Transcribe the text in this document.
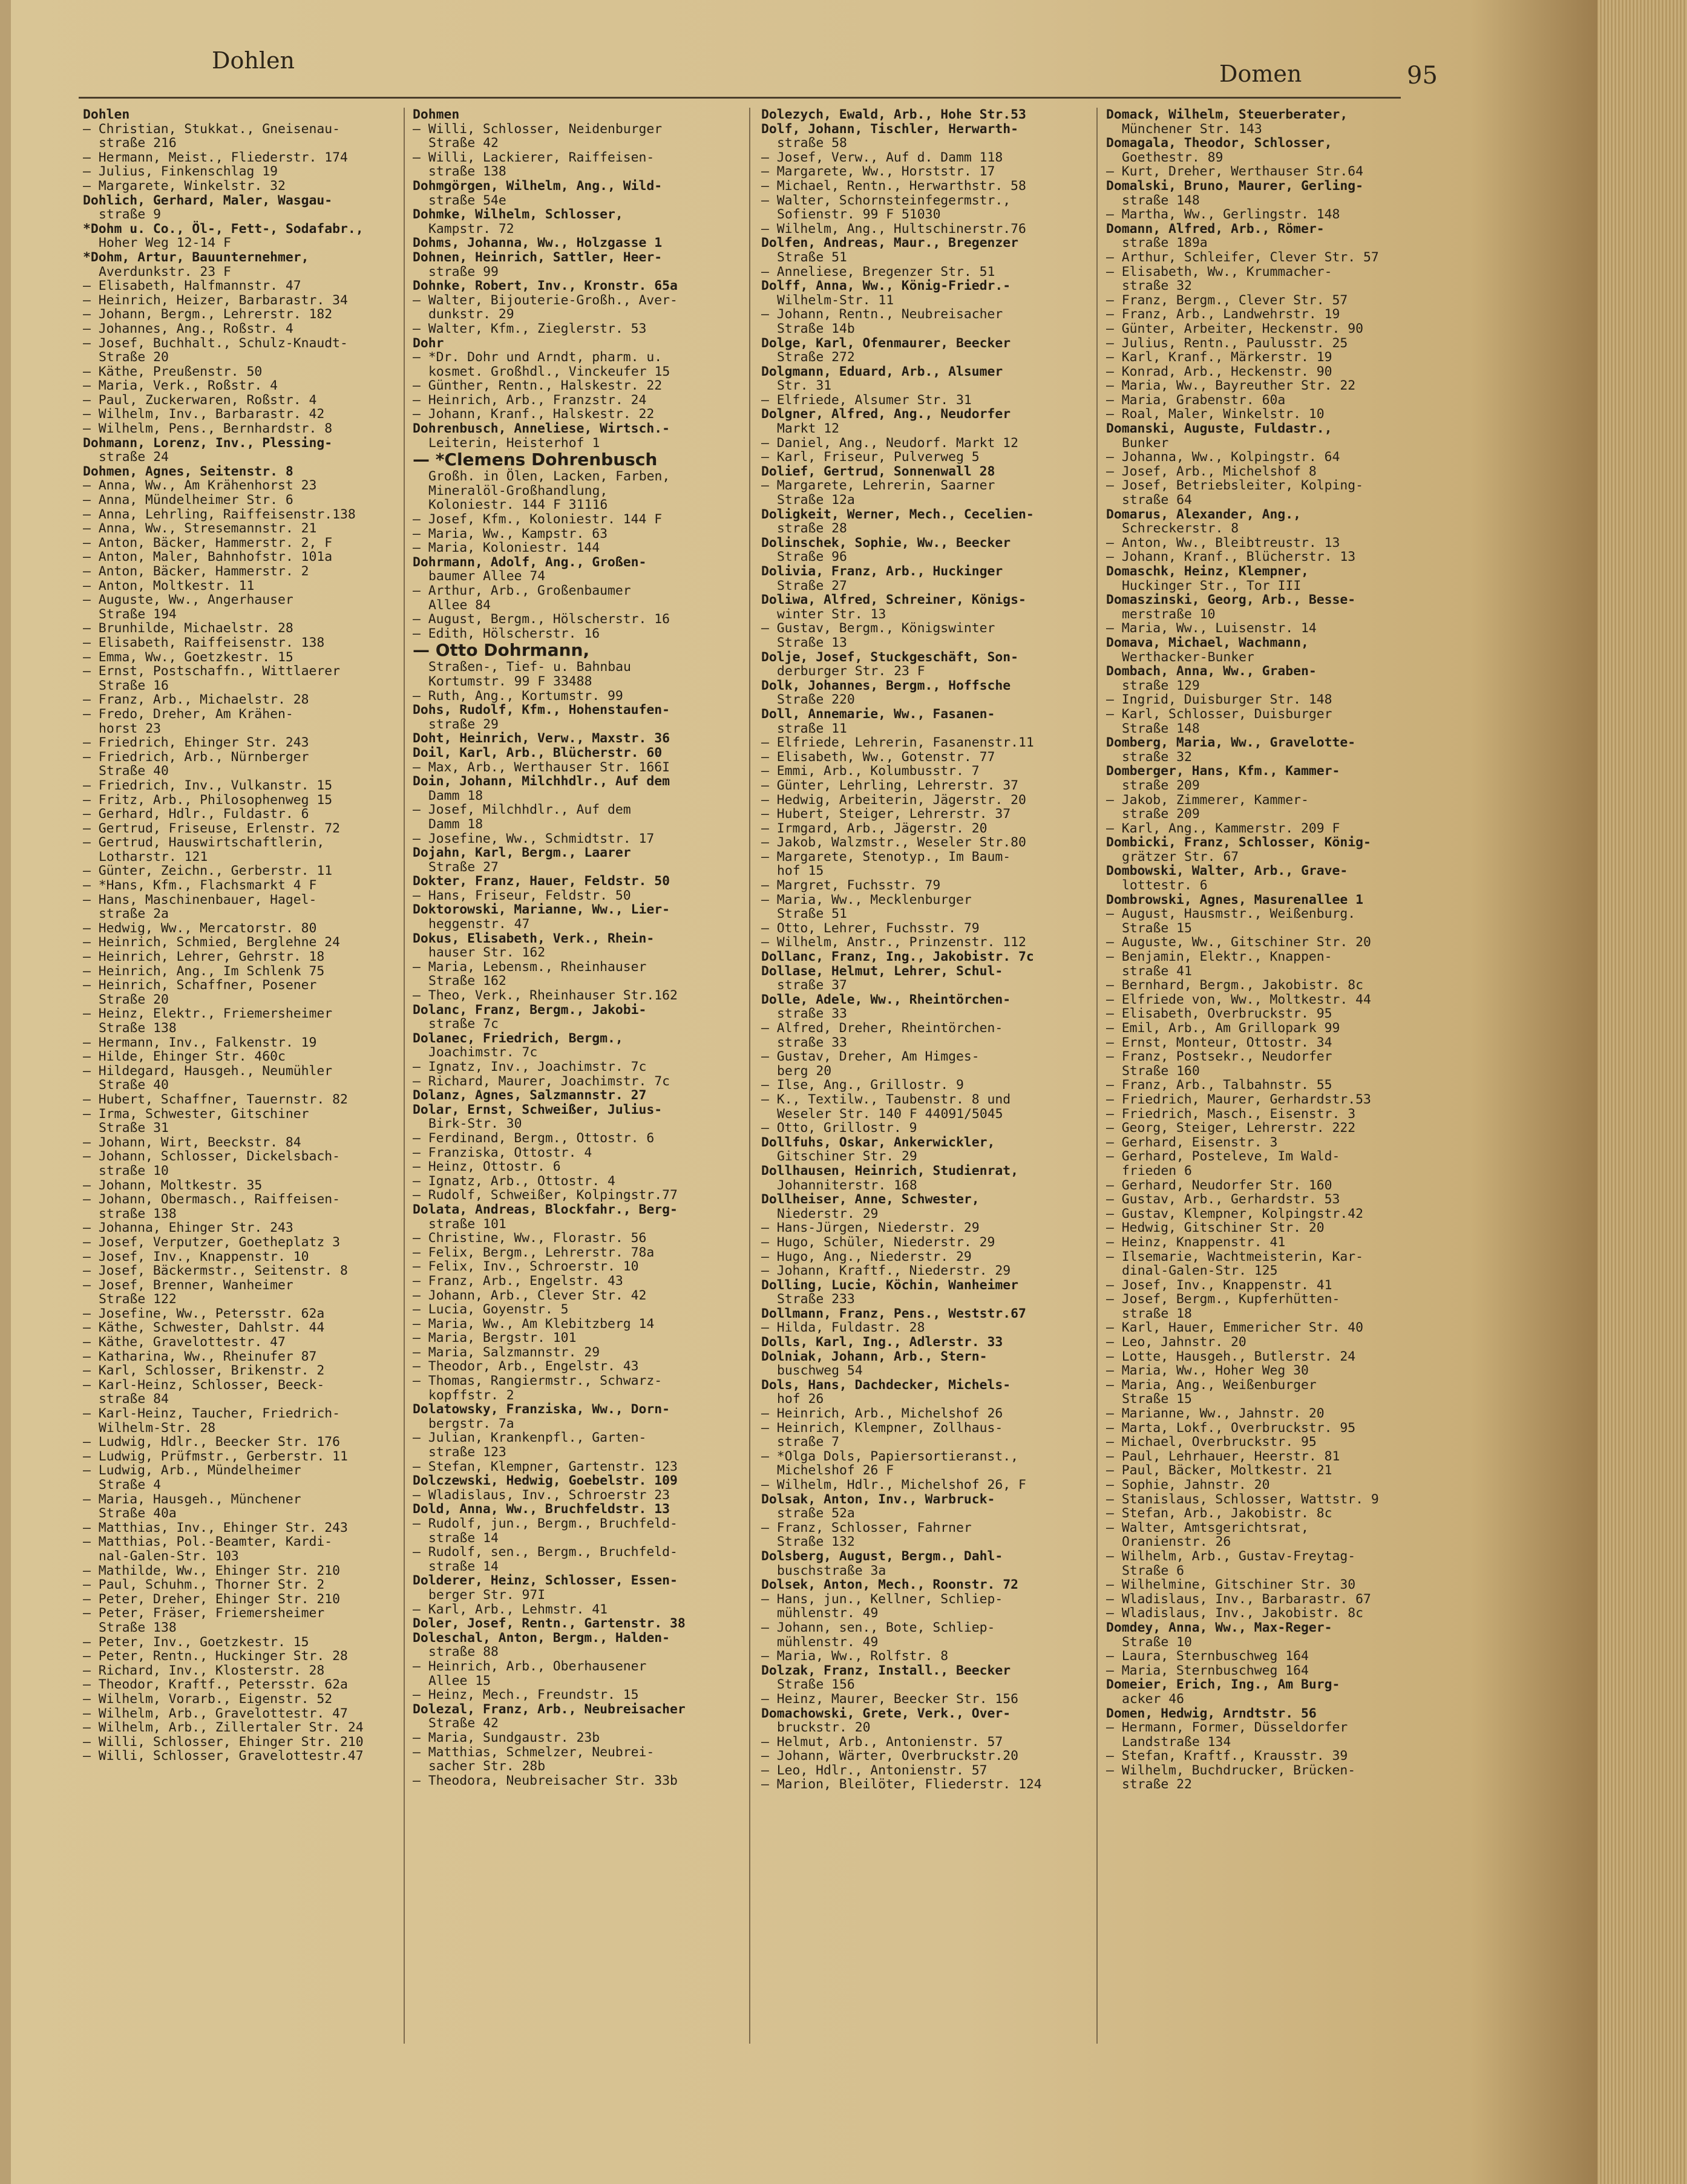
Dohlen	Domen	95
Dohlen
— Christian, Stukkat., Gneisenau-
straße 216
— Hermann, Meist., Fliederstr. 174
— Julius, Finkenschlag 19
— Margarete, Winkelstr. 32
Dohlich, Gerhard, Maler, Wasgau-
straße 9
*Dohm u. Co., Öl-, Fett-, Sodafabr.,
Hoher Weg 12-14 F
*Dohm, Artur, Bauunternehmer,
Averdunkstr. 23 F
— Elisabeth, Halfmannstr. 47
— Heinrich, Heizer, Barbarastr. 34
— Johann, Bergm., Lehrerstr. 182
— Johannes, Ang., Roßstr. 4
— Josef, Buchhalt., Schulz-Knaudt-
Straße 20
— Käthe, Preußenstr. 50
— Maria, Verk., Roßstr. 4
— Paul, Zuckerwaren, Roßstr. 4
— Wilhelm, Inv., Barbarastr. 42
— Wilhelm, Pens., Bernhardstr. 8
Dohmann, Lorenz, Inv., Plessing-
straße 24
Dohmen, Agnes, Seitenstr. 8
— Anna, Ww., Am Krähenhorst 23
— Anna, Mündelheimer Str. 6
— Anna, Lehrling, Raiffeisenstr.138
— Anna, Ww., Stresemannstr. 21
— Anton, Bäcker, Hammerstr. 2, F
— Anton, Maler, Bahnhofstr. 101a
— Anton, Bäcker, Hammerstr. 2
— Anton, Moltkestr. 11
— Auguste, Ww., Angerhauser
Straße 194
— Brunhilde, Michaelstr. 28
— Elisabeth, Raiffeisenstr. 138
— Emma, Ww., Goetzkestr. 15
— Ernst, Postschaffn., Wittlaerer
Straße 16
— Franz, Arb., Michaelstr. 28
— Fredo, Dreher, Am Krähen-
horst 23
— Friedrich, Ehinger Str. 243
— Friedrich, Arb., Nürnberger
Straße 40
— Friedrich, Inv., Vulkanstr. 15
— Fritz, Arb., Philosophenweg 15
— Gerhard, Hdlr., Fuldastr. 6
— Gertrud, Friseuse, Erlenstr. 72
— Gertrud, Hauswirtschaftlerin,
Lotharstr. 121
— Günter, Zeichn., Gerberstr. 11
— *Hans, Kfm., Flachsmarkt 4 F
— Hans, Maschinenbauer, Hagel-
straße 2a
— Hedwig, Ww., Mercatorstr. 80
— Heinrich, Schmied, Berglehne 24
— Heinrich, Lehrer, Gehrstr. 18
— Heinrich, Ang., Im Schlenk 75
— Heinrich, Schaffner, Posener
Straße 20
— Heinz, Elektr., Friemersheimer
Straße 138
— Hermann, Inv., Falkenstr. 19
— Hilde, Ehinger Str. 460c
— Hildegard, Hausgeh., Neumühler
Straße 40
— Hubert, Schaffner, Tauernstr. 82
— Irma, Schwester, Gitschiner
Straße 31
— Johann, Wirt, Beeckstr. 84
— Johann, Schlosser, Dickelsbach-
straße 10
— Johann, Moltkestr. 35
— Johann, Obermasch., Raiffeisen-
straße 138
— Johanna, Ehinger Str. 243
— Josef, Verputzer, Goetheplatz 3
— Josef, Inv., Knappenstr. 10
— Josef, Bäckermstr., Seitenstr. 8
— Josef, Brenner, Wanheimer
Straße 122
— Josefine, Ww., Petersstr. 62a
— Käthe, Schwester, Dahlstr. 44
— Käthe, Gravelottestr. 47
— Katharina, Ww., Rheinufer 87
— Karl, Schlosser, Brikenstr. 2
— Karl-Heinz, Schlosser, Beeck-
straße 84
— Karl-Heinz, Taucher, Friedrich-
Wilhelm-Str. 28
— Ludwig, Hdlr., Beecker Str. 176
— Ludwig, Prüfmstr., Gerberstr. 11
— Ludwig, Arb., Mündelheimer
Straße 4
— Maria, Hausgeh., Münchener
Straße 40a
— Matthias, Inv., Ehinger Str. 243
— Matthias, Pol.-Beamter, Kardi-
nal-Galen-Str. 103
— Mathilde, Ww., Ehinger Str. 210
— Paul, Schuhm., Thorner Str. 2
— Peter, Dreher, Ehinger Str. 210
— Peter, Fräser, Friemersheimer
Straße 138
— Peter, Inv., Goetzkestr. 15
— Peter, Rentn., Huckinger Str. 28
— Richard, Inv., Klosterstr. 28
— Theodor, Kraftf., Petersstr. 62a
— Wilhelm, Vorarb., Eigenstr. 52
— Wilhelm, Arb., Gravelottestr. 47
— Wilhelm, Arb., Zillertaler Str. 24
— Willi, Schlosser, Ehinger Str. 210
— Willi, Schlosser, Gravelottestr.47
Dohmen
— Willi, Schlosser, Neidenburger
Straße 42
— Willi, Lackierer, Raiffeisen-
straße 138
Dohmgörgen, Wilhelm, Ang., Wild-
straße 54e
Dohmke, Wilhelm, Schlosser,
Kampstr. 72
Dohms, Johanna, Ww., Holzgasse 1
Dohnen, Heinrich, Sattler, Heer-
straße 99
Dohnke, Robert, Inv., Kronstr. 65a
— Walter, Bijouterie-Großh., Aver-
dunkstr. 29
— Walter, Kfm., Zieglerstr. 53
Dohr
— *Dr. Dohr und Arndt, pharm. u.
kosmet. Großhdl., Vinckeufer 15
— Günther, Rentn., Halskestr. 22
— Heinrich, Arb., Franzstr. 24
— Johann, Kranf., Halskestr. 22
Dohrenbusch, Anneliese, Wirtsch.-
Leiterin, Heisterhof 1
— *Clemens Dohrenbusch
Großh. in Ölen, Lacken, Farben,
Mineralöl-Großhandlung,
Koloniestr. 144 F 31116
— Josef, Kfm., Koloniestr. 144 F
— Maria, Ww., Kampstr. 63
— Maria, Koloniestr. 144
Dohrmann, Adolf, Ang., Großen-
baumer Allee 74
— Arthur, Arb., Großenbaumer
Allee 84
— August, Bergm., Hölscherstr. 16
— Edith, Hölscherstr. 16
— Otto Dohrmann,
Straßen-, Tief- u. Bahnbau
Kortumstr. 99 F 33488
— Ruth, Ang., Kortumstr. 99
Dohs, Rudolf, Kfm., Hohenstaufen-
straße 29
Doht, Heinrich, Verw., Maxstr. 36
Doil, Karl, Arb., Blücherstr. 60
— Max, Arb., Werthauser Str. 166I
Doin, Johann, Milchhdlr., Auf dem
Damm 18
— Josef, Milchhdlr., Auf dem
Damm 18
— Josefine, Ww., Schmidtstr. 17
Dojahn, Karl, Bergm., Laarer
Straße 27
Dokter, Franz, Hauer, Feldstr. 50
— Hans, Friseur, Feldstr. 50
Doktorowski, Marianne, Ww., Lier-
heggenstr. 47
Dokus, Elisabeth, Verk., Rhein-
hauser Str. 162
— Maria, Lebensm., Rheinhauser
Straße 162
— Theo, Verk., Rheinhauser Str.162
Dolanc, Franz, Bergm., Jakobi-
straße 7c
Dolanec, Friedrich, Bergm.,
Joachimstr. 7c
— Ignatz, Inv., Joachimstr. 7c
— Richard, Maurer, Joachimstr. 7c
Dolanz, Agnes, Salzmannstr. 27
Dolar, Ernst, Schweißer, Julius-
Birk-Str. 30
— Ferdinand, Bergm., Ottostr. 6
— Franziska, Ottostr. 4
— Heinz, Ottostr. 6
— Ignatz, Arb., Ottostr. 4
— Rudolf, Schweißer, Kolpingstr.77
Dolata, Andreas, Blockfahr., Berg-
straße 101
— Christine, Ww., Florastr. 56
— Felix, Bergm., Lehrerstr. 78a
— Felix, Inv., Schroerstr. 10
— Franz, Arb., Engelstr. 43
— Johann, Arb., Clever Str. 42
— Lucia, Goyenstr. 5
— Maria, Ww., Am Klebitzberg 14
— Maria, Bergstr. 101
— Maria, Salzmannstr. 29
— Theodor, Arb., Engelstr. 43
— Thomas, Rangiermstr., Schwarz-
kopffstr. 2
Dolatowsky, Franziska, Ww., Dorn-
bergstr. 7a
— Julian, Krankenpfl., Garten-
straße 123
— Stefan, Klempner, Gartenstr. 123
Dolczewski, Hedwig, Goebelstr. 109
— Wladislaus, Inv., Schroerstr 23
Dold, Anna, Ww., Bruchfeldstr. 13
— Rudolf, jun., Bergm., Bruchfeld-
straße 14
— Rudolf, sen., Bergm., Bruchfeld-
straße 14
Dolderer, Heinz, Schlosser, Essen-
berger Str. 97I
— Karl, Arb., Lehmstr. 41
Doler, Josef, Rentn., Gartenstr. 38
Doleschal, Anton, Bergm., Halden-
straße 88
— Heinrich, Arb., Oberhausener
Allee 15
— Heinz, Mech., Freundstr. 15
Dolezal, Franz, Arb., Neubreisacher
Straße 42
— Maria, Sundgaustr. 23b
— Matthias, Schmelzer, Neubrei-
sacher Str. 28b
— Theodora, Neubreisacher Str. 33b
Dolezych, Ewald, Arb., Hohe Str.53
Dolf, Johann, Tischler, Herwarth-
straße 58
— Josef, Verw., Auf d. Damm 118
— Margarete, Ww., Horststr. 17
— Michael, Rentn., Herwarthstr. 58
— Walter, Schornsteinfegermstr.,
Sofienstr. 99 F 51030
— Wilhelm, Ang., Hultschinerstr.76
Dolfen, Andreas, Maur., Bregenzer
Straße 51
— Anneliese, Bregenzer Str. 51
Dolff, Anna, Ww., König-Friedr.-
Wilhelm-Str. 11
— Johann, Rentn., Neubreisacher
Straße 14b
Dolge, Karl, Ofenmaurer, Beecker
Straße 272
Dolgmann, Eduard, Arb., Alsumer
Str. 31
— Elfriede, Alsumer Str. 31
Dolgner, Alfred, Ang., Neudorfer
Markt 12
— Daniel, Ang., Neudorf. Markt 12
— Karl, Friseur, Pulverweg 5
Dolief, Gertrud, Sonnenwall 28
— Margarete, Lehrerin, Saarner
Straße 12a
Doligkeit, Werner, Mech., Cecelien-
straße 28
Dolinschek, Sophie, Ww., Beecker
Straße 96
Dolivia, Franz, Arb., Huckinger
Straße 27
Doliwa, Alfred, Schreiner, Königs-
winter Str. 13
— Gustav, Bergm., Königswinter
Straße 13
Dolje, Josef, Stuckgeschäft, Son-
derburger Str. 23 F
Dolk, Johannes, Bergm., Hoffsche
Straße 220
Doll, Annemarie, Ww., Fasanen-
straße 11
— Elfriede, Lehrerin, Fasanenstr.11
— Elisabeth, Ww., Gotenstr. 77
— Emmi, Arb., Kolumbusstr. 7
— Günter, Lehrling, Lehrerstr. 37
— Hedwig, Arbeiterin, Jägerstr. 20
— Hubert, Steiger, Lehrerstr. 37
— Irmgard, Arb., Jägerstr. 20
— Jakob, Walzmstr., Weseler Str.80
— Margarete, Stenotyp., Im Baum-
hof 15
— Margret, Fuchsstr. 79
— Maria, Ww., Mecklenburger
Straße 51
— Otto, Lehrer, Fuchsstr. 79
— Wilhelm, Anstr., Prinzenstr. 112
Dollanc, Franz, Ing., Jakobistr. 7c
Dollase, Helmut, Lehrer, Schul-
straße 37
Dolle, Adele, Ww., Rheintörchen-
straße 33
— Alfred, Dreher, Rheintörchen-
straße 33
— Gustav, Dreher, Am Himges-
berg 20
— Ilse, Ang., Grillostr. 9
— K., Textilw., Taubenstr. 8 und
Weseler Str. 140 F 44091/5045
— Otto, Grillostr. 9
Dollfuhs, Oskar, Ankerwickler,
Gitschiner Str. 29
Dollhausen, Heinrich, Studienrat,
Johanniterstr. 168
Dollheiser, Anne, Schwester,
Niederstr. 29
— Hans-Jürgen, Niederstr. 29
— Hugo, Schüler, Niederstr. 29
— Hugo, Ang., Niederstr. 29
— Johann, Kraftf., Niederstr. 29
Dolling, Lucie, Köchin, Wanheimer
Straße 233
Dollmann, Franz, Pens., Weststr.67
— Hilda, Fuldastr. 28
Dolls, Karl, Ing., Adlerstr. 33
Dolniak, Johann, Arb., Stern-
buschweg 54
Dols, Hans, Dachdecker, Michels-
hof 26
— Heinrich, Arb., Michelshof 26
— Heinrich, Klempner, Zollhaus-
straße 7
— *Olga Dols, Papiersortieranst.,
Michelshof 26 F
— Wilhelm, Hdlr., Michelshof 26, F
Dolsak, Anton, Inv., Warbruck-
straße 52a
— Franz, Schlosser, Fahrner
Straße 132
Dolsberg, August, Bergm., Dahl-
buschstraße 3a
Dolsek, Anton, Mech., Roonstr. 72
— Hans, jun., Kellner, Schliep-
mühlenstr. 49
— Johann, sen., Bote, Schliep-
mühlenstr. 49
— Maria, Ww., Rolfstr. 8
Dolzak, Franz, Install., Beecker
Straße 156
— Heinz, Maurer, Beecker Str. 156
Domachowski, Grete, Verk., Over-
bruckstr. 20
— Helmut, Arb., Antonienstr. 57
— Johann, Wärter, Overbruckstr.20
— Leo, Hdlr., Antonienstr. 57
— Marion, Bleilöter, Fliederstr. 124
Domack, Wilhelm, Steuerberater,
Münchener Str. 143
Domagala, Theodor, Schlosser,
Goethestr. 89
— Kurt, Dreher, Werthauser Str.64
Domalski, Bruno, Maurer, Gerling-
straße 148
— Martha, Ww., Gerlingstr. 148
Domann, Alfred, Arb., Römer-
straße 189a
— Arthur, Schleifer, Clever Str. 57
— Elisabeth, Ww., Krummacher-
straße 32
— Franz, Bergm., Clever Str. 57
— Franz, Arb., Landwehrstr. 19
— Günter, Arbeiter, Heckenstr. 90
— Julius, Rentn., Paulusstr. 25
— Karl, Kranf., Märkerstr. 19
— Konrad, Arb., Heckenstr. 90
— Maria, Ww., Bayreuther Str. 22
— Maria, Grabenstr. 60a
— Roal, Maler, Winkelstr. 10
Domanski, Auguste, Fuldastr.,
Bunker
— Johanna, Ww., Kolpingstr. 64
— Josef, Arb., Michelshof 8
— Josef, Betriebsleiter, Kolping-
straße 64
Domarus, Alexander, Ang.,
Schreckerstr. 8
— Anton, Ww., Bleibtreustr. 13
— Johann, Kranf., Blücherstr. 13
Domaschk, Heinz, Klempner,
Huckinger Str., Tor III
Domaszinski, Georg, Arb., Besse-
merstraße 10
— Maria, Ww., Luisenstr. 14
Domava, Michael, Wachmann,
Werthacker-Bunker
Dombach, Anna, Ww., Graben-
straße 129
— Ingrid, Duisburger Str. 148
— Karl, Schlosser, Duisburger
Straße 148
Domberg, Maria, Ww., Gravelotte-
straße 32
Domberger, Hans, Kfm., Kammer-
straße 209
— Jakob, Zimmerer, Kammer-
straße 209
— Karl, Ang., Kammerstr. 209 F
Dombicki, Franz, Schlosser, König-
grätzer Str. 67
Dombowski, Walter, Arb., Grave-
lottestr. 6
Dombrowski, Agnes, Masurenallee 1
— August, Hausmstr., Weißenburg.
Straße 15
— Auguste, Ww., Gitschiner Str. 20
— Benjamin, Elektr., Knappen-
straße 41
— Bernhard, Bergm., Jakobistr. 8c
— Elfriede von, Ww., Moltkestr. 44
— Elisabeth, Overbruckstr. 95
— Emil, Arb., Am Grillopark 99
— Ernst, Monteur, Ottostr. 34
— Franz, Postsekr., Neudorfer
Straße 160
— Franz, Arb., Talbahnstr. 55
— Friedrich, Maurer, Gerhardstr.53
— Friedrich, Masch., Eisenstr. 3
— Georg, Steiger, Lehrerstr. 222
— Gerhard, Eisenstr. 3
— Gerhard, Posteleve, Im Wald-
frieden 6
— Gerhard, Neudorfer Str. 160
— Gustav, Arb., Gerhardstr. 53
— Gustav, Klempner, Kolpingstr.42
— Hedwig, Gitschiner Str. 20
— Heinz, Knappenstr. 41
— Ilsemarie, Wachtmeisterin, Kar-
dinal-Galen-Str. 125
— Josef, Inv., Knappenstr. 41
— Josef, Bergm., Kupferhütten-
straße 18
— Karl, Hauer, Emmericher Str. 40
— Leo, Jahnstr. 20
— Lotte, Hausgeh., Butlerstr. 24
— Maria, Ww., Hoher Weg 30
— Maria, Ang., Weißenburger
Straße 15
— Marianne, Ww., Jahnstr. 20
— Marta, Lokf., Overbruckstr. 95
— Michael, Overbruckstr. 95
— Paul, Lehrhauer, Heerstr. 81
— Paul, Bäcker, Moltkestr. 21
— Sophie, Jahnstr. 20
— Stanislaus, Schlosser, Wattstr. 9
— Stefan, Arb., Jakobistr. 8c
— Walter, Amtsgerichtsrat,
Oranienstr. 26
— Wilhelm, Arb., Gustav-Freytag-
Straße 6
— Wilhelmine, Gitschiner Str. 30
— Wladislaus, Inv., Barbarastr. 67
— Wladislaus, Inv., Jakobistr. 8c
Domdey, Anna, Ww., Max-Reger-
Straße 10
— Laura, Sternbuschweg 164
— Maria, Sternbuschweg 164
Domeier, Erich, Ing., Am Burg-
acker 46
Domen, Hedwig, Arndtstr. 56
— Hermann, Former, Düsseldorfer
Landstraße 134
— Stefan, Kraftf., Krausstr. 39
— Wilhelm, Buchdrucker, Brücken-
straße 22
